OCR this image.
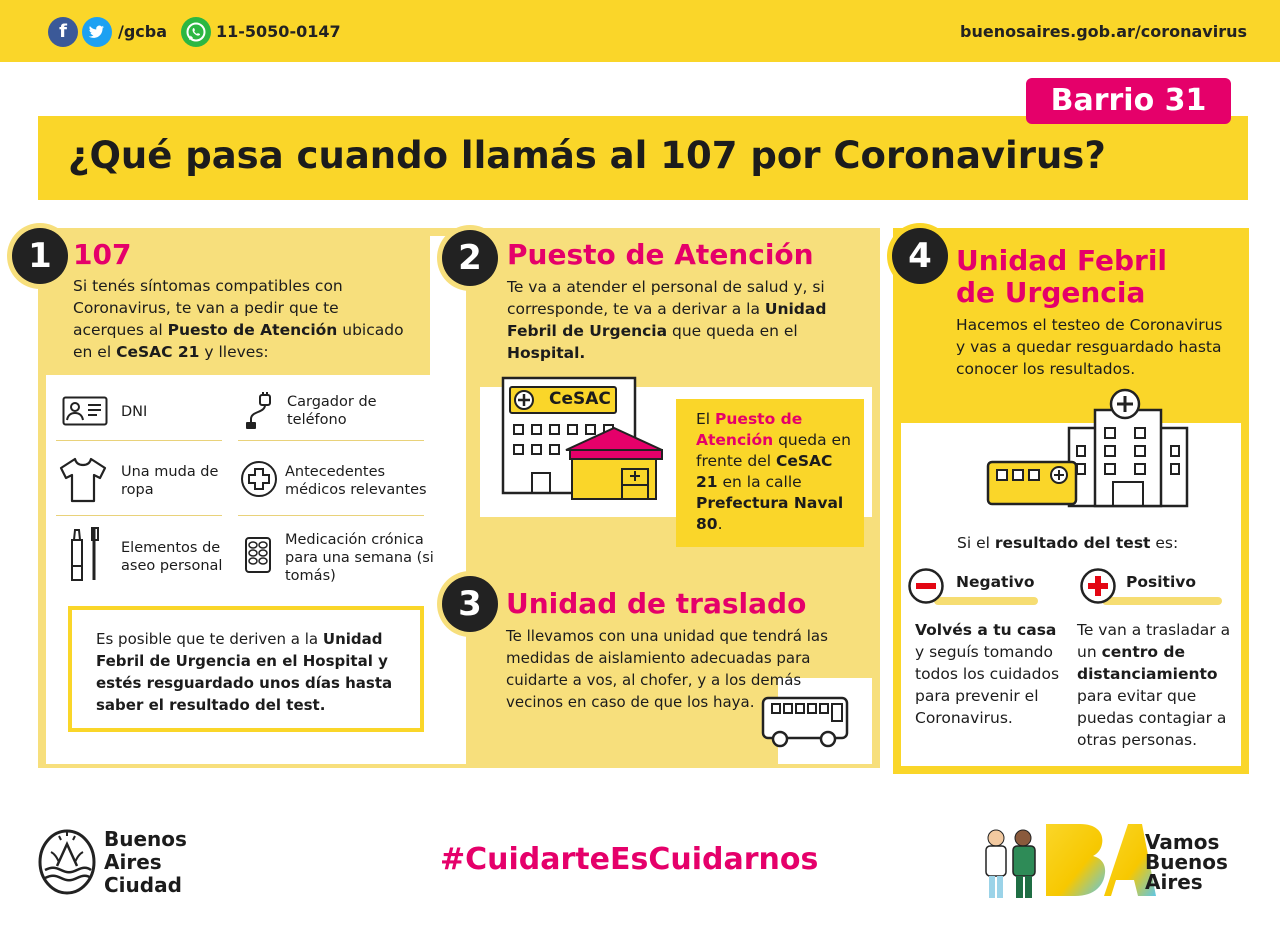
f	/gcba	11-5050-0147	buenosaires.gob.ar/coronavirus
¿Qué pasa cuando llamás al 107 por Coronavirus?
Barrio 31
1 107
Si tenés síntomas compatibles con Coronavirus, te van a pedir que te acerques al Puesto de Atención ubicado en el CeSAC 21 y lleves:
DNI
Cargador de teléfono
Una muda de ropa
Antecedentes médicos relevantes
Elementos de aseo personal
Medicación crónica para una semana (si tomás)
Es posible que te deriven a la Unidad Febril de Urgencia en el Hospital y estés resguardado unos días hasta saber el resultado del test.
2 Puesto de Atención
Te va a atender el personal de salud y, si corresponde, te va a derivar a la Unidad Febril de Urgencia que queda en el Hospital.
CeSAC
El Puesto de Atención queda en frente del CeSAC 21 en la calle Prefectura Naval 80.
3 Unidad de traslado
Te llevamos con una unidad que tendrá las medidas de aislamiento adecuadas para cuidarte a vos, al chofer, y a los demás vecinos en caso de que los haya.
4 Unidad Febril
de Urgencia
Hacemos el testeo de Coronavirus y vas a quedar resguardado hasta conocer los resultados.
Si el resultado del test es:
Negativo
Volvés a tu casa y seguís tomando todos los cuidados para prevenir el Coronavirus.
Positivo
Te van a trasladar a un centro de distanciamiento para evitar que puedas contagiar a otras personas.
Buenos
Aires
Ciudad
#CuidarteEsCuidarnos	Vamos
Buenos
Aires
